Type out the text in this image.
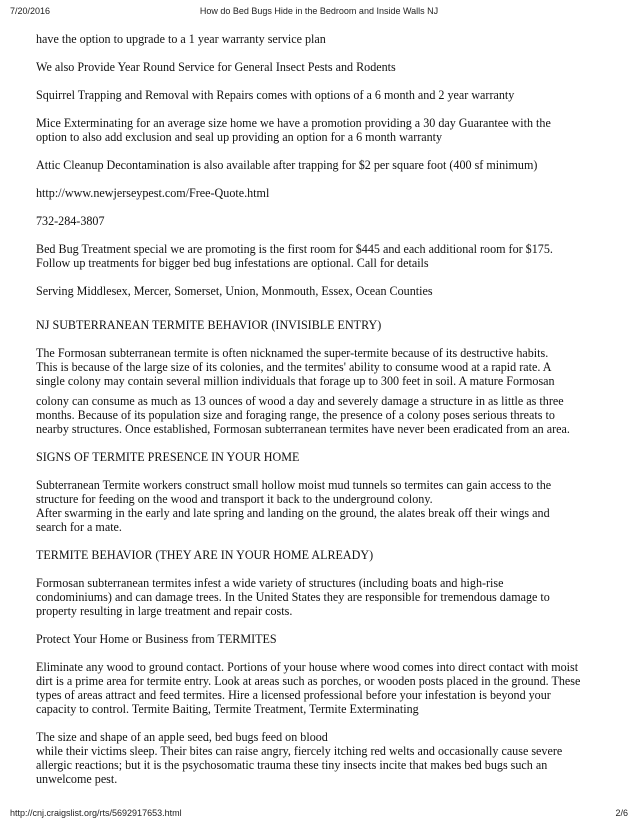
7/20/2016	How do Bed Bugs Hide in the Bedroom and Inside Walls NJ

have the option to upgrade to a 1 year warranty service plan

We also Provide Year Round Service for General Insect Pests and Rodents

Squirrel Trapping and Removal with Repairs comes with options of a 6 month and 2 year warranty

Mice Exterminating for an average size home we have a promotion providing a 30 day Guarantee with the
option to also add exclusion and seal up providing an option for a 6 month warranty

Attic Cleanup Decontamination is also available after trapping for $2 per square foot (400 sf minimum)

http://www.newjerseypest.com/Free-Quote.html

732-284-3807

Bed Bug Treatment special we are promoting is the first room for $445 and each additional room for $175.
Follow up treatments for bigger bed bug infestations are optional. Call for details

Serving Middlesex, Mercer, Somerset, Union, Monmouth, Essex, Ocean Counties

NJ SUBTERRANEAN TERMITE BEHAVIOR (INVISIBLE ENTRY)

The Formosan subterranean termite is often nicknamed the super-termite because of its destructive habits.
This is because of the large size of its colonies, and the termites' ability to consume wood at a rapid rate. A
single colony may contain several million individuals that forage up to 300 feet in soil. A mature Formosan

colony can consume as much as 13 ounces of wood a day and severely damage a structure in as little as three
months. Because of its population size and foraging range, the presence of a colony poses serious threats to
nearby structures. Once established, Formosan subterranean termites have never been eradicated from an area.

SIGNS OF TERMITE PRESENCE IN YOUR HOME

Subterranean Termite workers construct small hollow moist mud tunnels so termites can gain access to the
structure for feeding on the wood and transport it back to the underground colony.
After swarming in the early and late spring and landing on the ground, the alates break off their wings and
search for a mate.

TERMITE BEHAVIOR (THEY ARE IN YOUR HOME ALREADY)

Formosan subterranean termites infest a wide variety of structures (including boats and high-rise
condominiums) and can damage trees. In the United States they are responsible for tremendous damage to
property resulting in large treatment and repair costs.

Protect Your Home or Business from TERMITES

Eliminate any wood to ground contact. Portions of your house where wood comes into direct contact with moist
dirt is a prime area for termite entry. Look at areas such as porches, or wooden posts placed in the ground. These
types of areas attract and feed termites. Hire a licensed professional before your infestation is beyond your
capacity to control. Termite Baiting, Termite Treatment, Termite Exterminating

The size and shape of an apple seed, bed bugs feed on blood
while their victims sleep. Their bites can raise angry, fiercely itching red welts and occasionally cause severe
allergic reactions; but it is the psychosomatic trauma these tiny insects incite that makes bed bugs such an
unwelcome pest.

http://cnj.craigslist.org/rts/5692917653.html	2/6
